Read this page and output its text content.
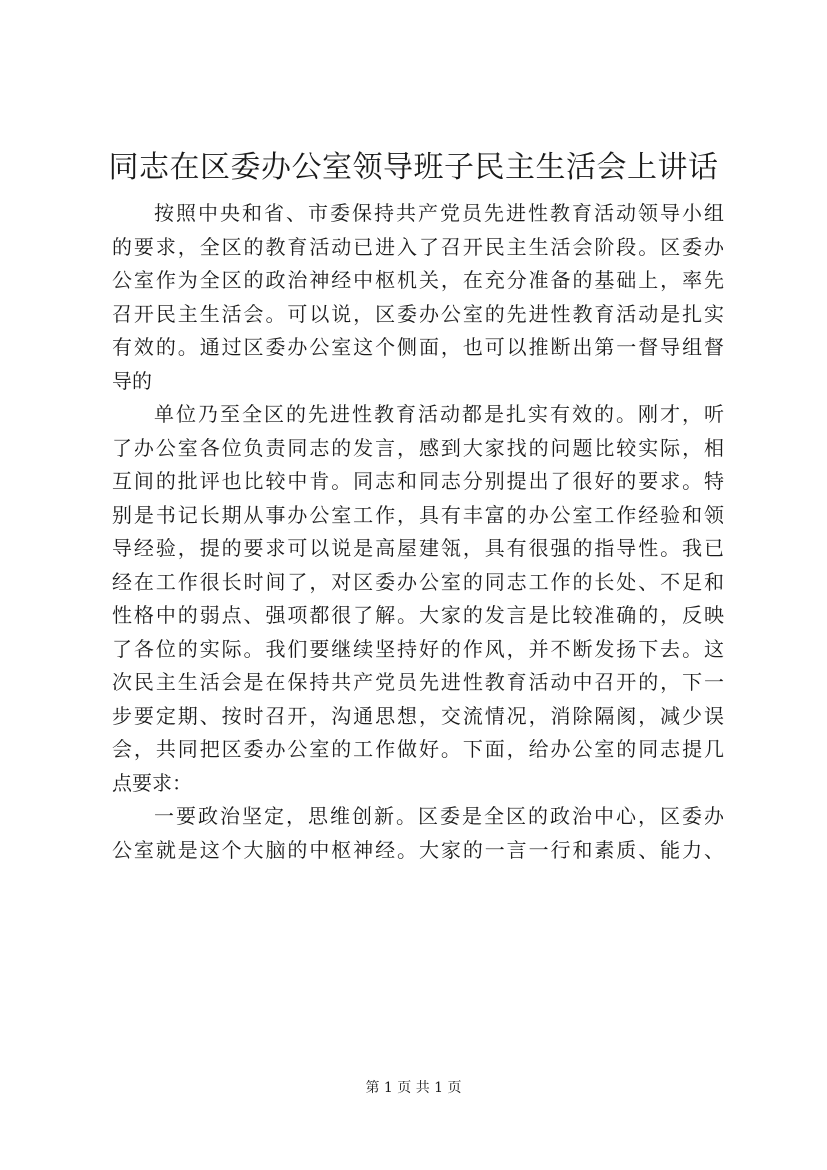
同志在区委办公室领导班子民主生活会上讲话

按照中央和省、市委保持共产党员先进性教育活动领导小组
的要求，全区的教育活动已进入了召开民主生活会阶段。区委办
公室作为全区的政治神经中枢机关，在充分准备的基础上，率先
召开民主生活会。可以说，区委办公室的先进性教育活动是扎实
有效的。通过区委办公室这个侧面，也可以推断出第一督导组督
导的

单位乃至全区的先进性教育活动都是扎实有效的。刚才，听
了办公室各位负责同志的发言，感到大家找的问题比较实际，相
互间的批评也比较中肯。同志和同志分别提出了很好的要求。特
别是书记长期从事办公室工作，具有丰富的办公室工作经验和领
导经验，提的要求可以说是高屋建瓴，具有很强的指导性。我已
经在工作很长时间了，对区委办公室的同志工作的长处、不足和
性格中的弱点、强项都很了解。大家的发言是比较准确的，反映
了各位的实际。我们要继续坚持好的作风，并不断发扬下去。这
次民主生活会是在保持共产党员先进性教育活动中召开的，下一
步要定期、按时召开，沟通思想，交流情况，消除隔阂，减少误
会，共同把区委办公室的工作做好。下面，给办公室的同志提几
点要求：

一要政治坚定，思维创新。区委是全区的政治中心，区委办
公室就是这个大脑的中枢神经。大家的一言一行和素质、能力、

第 1 页 共 1 页
